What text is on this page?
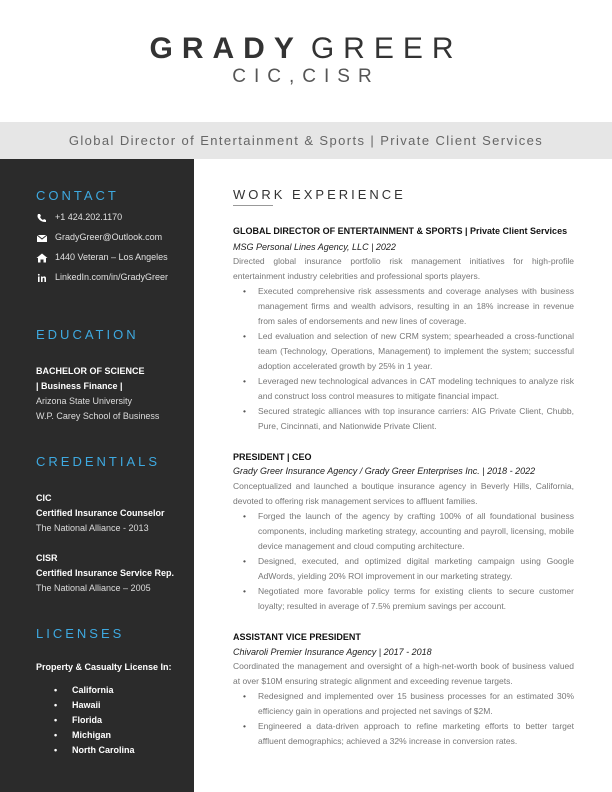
GRADY GREER
CIC,CISR
Global Director of Entertainment & Sports | Private Client Services
CONTACT
+1 424.202.1170
GradyGreer@Outlook.com
1440 Veteran – Los Angeles
LinkedIn.com/in/GradyGreer
EDUCATION
BACHELOR OF SCIENCE
| Business Finance |
Arizona State University
W.P. Carey School of Business
CREDENTIALS
CIC
Certified Insurance Counselor
The National Alliance - 2013
CISR
Certified Insurance Service Rep.
The National Alliance – 2005
LICENSES
Property & Casualty License In:
• California
• Hawaii
• Florida
• Michigan
• North Carolina
WORK EXPERIENCE
GLOBAL DIRECTOR OF ENTERTAINMENT & SPORTS | Private Client Services
MSG Personal Lines Agency, LLC | 2022
Directed global insurance portfolio risk management initiatives for high-profile entertainment industry celebrities and professional sports players.
• Executed comprehensive risk assessments and coverage analyses with business management firms and wealth advisors, resulting in an 18% increase in revenue from sales of endorsements and new lines of coverage.
• Led evaluation and selection of new CRM system; spearheaded a cross-functional team (Technology, Operations, Management) to implement the system; successful adoption accelerated growth by 25% in 1 year.
• Leveraged new technological advances in CAT modeling techniques to analyze risk and construct loss control measures to mitigate financial impact.
• Secured strategic alliances with top insurance carriers: AIG Private Client, Chubb, Pure, Cincinnati, and Nationwide Private Client.
PRESIDENT | CEO
Grady Greer Insurance Agency / Grady Greer Enterprises Inc. | 2018 - 2022
Conceptualized and launched a boutique insurance agency in Beverly Hills, California, devoted to offering risk management services to affluent families.
• Forged the launch of the agency by crafting 100% of all foundational business components, including marketing strategy, accounting and payroll, licensing, mobile device management and cloud computing architecture.
• Designed, executed, and optimized digital marketing campaign using Google AdWords, yielding 20% ROI improvement in our marketing strategy.
• Negotiated more favorable policy terms for existing clients to secure customer loyalty; resulted in average of 7.5% premium savings per account.
ASSISTANT VICE PRESIDENT
Chivaroli Premier Insurance Agency | 2017 - 2018
Coordinated the management and oversight of a high-net-worth book of business valued at over $10M ensuring strategic alignment and exceeding revenue targets.
• Redesigned and implemented over 15 business processes for an estimated 30% efficiency gain in operations and projected net savings of $2M.
• Engineered a data-driven approach to refine marketing efforts to better target affluent demographics; achieved a 32% increase in conversion rates.
